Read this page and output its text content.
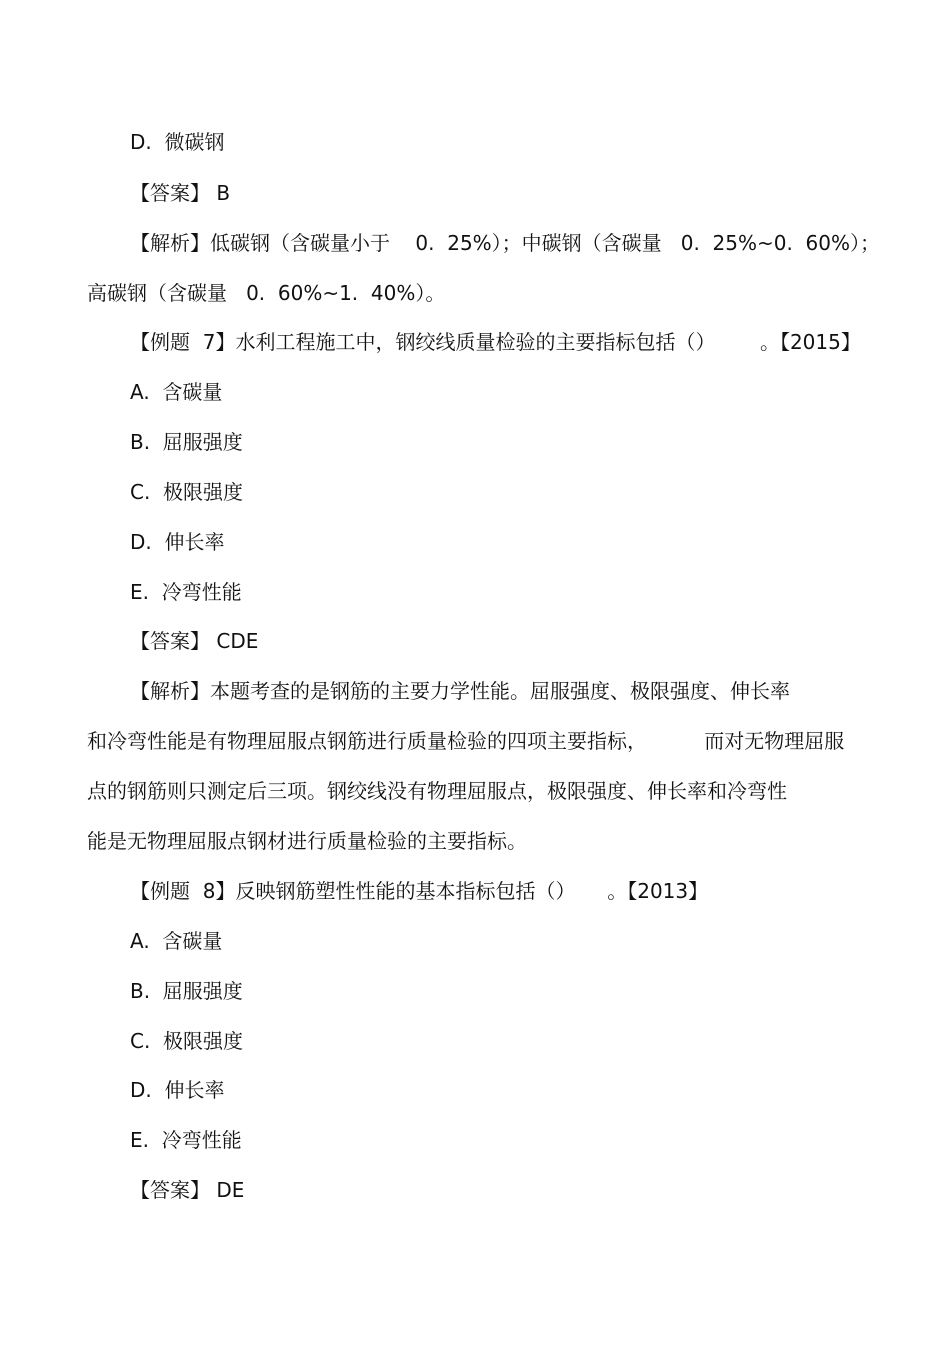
D.  微碳钢
【答案】 B
【解析】低碳钢（含碳量小于    0.  25%）；中碳钢（含碳量   0.  25%~0.  60%）；
高碳钢（含碳量   0.  60%~1.  40%）。
【例题  7】水利工程施工中，钢绞线质量检验的主要指标包括（）       。【2015】
A.  含碳量
B.  屈服强度
C.  极限强度
D.  伸长率
E.  冷弯性能
【答案】 CDE
【解析】本题考查的是钢筋的主要力学性能。屈服强度、极限强度、伸长率
和冷弯性能是有物理屈服点钢筋进行质量检验的四项主要指标，         而对无物理屈服
点的钢筋则只测定后三项。钢绞线没有物理屈服点，极限强度、伸长率和冷弯性
能是无物理屈服点钢材进行质量检验的主要指标。
【例题  8】反映钢筋塑性性能的基本指标包括（）     。【2013】
A.  含碳量
B.  屈服强度
C.  极限强度
D.  伸长率
E.  冷弯性能
【答案】 DE
